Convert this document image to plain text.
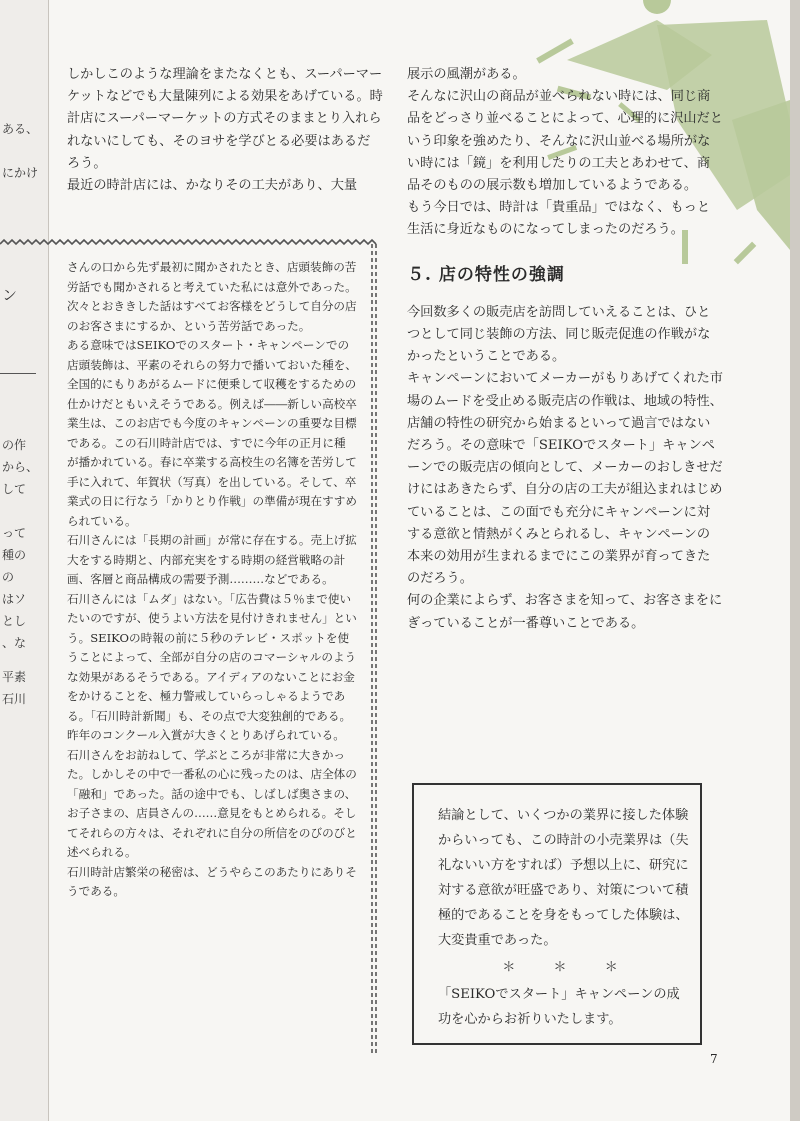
ある、
にかけ
ン
の作
から、
して
って
種の
の
はソ
とし
、な
平素
石川

しかしこのような理論をまたなくとも、スーパーマーケットなどでも大量陳列による効果をあげている。時計店にスーパーマーケットの方式そのままとり入れられないにしても、そのヨサを学びとる必要はあるだろう。

最近の時計店には、かなりその工夫があり、大量

さんの口から先ず最初に聞かされたとき、店頭装飾の苦労話でも聞かされると考えていた私には意外であった。次々とおききした話はすべてお客様をどうして自分の店のお客さまにするか、という苦労話であった。

ある意味ではSEIKOでのスタート・キャンペーンでの店頭装飾は、平素のそれらの努力で播いておいた種を、全国的にもりあがるムードに便乗して収穫をするための仕かけだともいえそうである。例えば――新しい高校卒業生は、このお店でも今度のキャンペーンの重要な目標である。この石川時計店では、すでに今年の正月に種が播かれている。春に卒業する高校生の名簿を苦労して手に入れて、年賀状（写真）を出している。そして、卒業式の日に行なう「かりとり作戦」の準備が現在すすめられている。

石川さんには「長期の計画」が常に存在する。売上げ拡大をする時期と、内部充実をする時期の経営戦略の計画、客層と商品構成の需要予測………などである。

石川さんには「ムダ」はない。「広告費は５％まで使いたいのですが、使うよい方法を見付けきれません」という。SEIKOの時報の前に５秒のテレビ・スポットを使うことによって、全部が自分の店のコマーシャルのような効果があるそうである。アイディアのないことにお金をかけることを、極力警戒していらっしゃるようである。「石川時計新聞」も、その点で大変独創的である。昨年のコンクール入賞が大きくとりあげられている。

石川さんをお訪ねして、学ぶところが非常に大きかった。しかしその中で一番私の心に残ったのは、店全体の「融和」であった。話の途中でも、しばしば奥さまの、お子さまの、店員さんの……意見をもとめられる。そしてそれらの方々は、それぞれに自分の所信をのびのびと述べられる。

石川時計店繁栄の秘密は、どうやらこのあたりにありそうである。

展示の風潮がある。

そんなに沢山の商品が並べられない時には、同じ商品をどっさり並べることによって、心理的に沢山だという印象を強めたり、そんなに沢山並べる場所がない時には「鏡」を利用したりの工夫とあわせて、商品そのものの展示数も増加しているようである。

もう今日では、時計は「貴重品」ではなく、もっと生活に身近なものになってしまったのだろう。

５. 店の特性の強調

今回数多くの販売店を訪問していえることは、ひとつとして同じ装飾の方法、同じ販売促進の作戦がなかったということである。

キャンペーンにおいてメーカーがもりあげてくれた市場のムードを受止める販売店の作戦は、地域の特性、店舗の特性の研究から始まるといって過言ではないだろう。その意味で「SEIKOでスタート」キャンペーンでの販売店の傾向として、メーカーのおしきせだけにはあきたらず、自分の店の工夫が組込まれはじめていることは、この面でも充分にキャンペーンに対する意欲と情熱がくみとられるし、キャンペーンの本来の効用が生まれるまでにこの業界が育ってきたのだろう。

何の企業によらず、お客さまを知って、お客さまをにぎっていることが一番尊いことである。

結論として、いくつかの業界に接した体験からいっても、この時計の小売業界は（失礼ないい方をすれば）予想以上に、研究に対する意欲が旺盛であり、対策について積極的であることを身をもってした体験は、大変貴重であった。

＊＊＊

「SEIKOでスタート」キャンペーンの成功を心からお祈りいたします。

7
